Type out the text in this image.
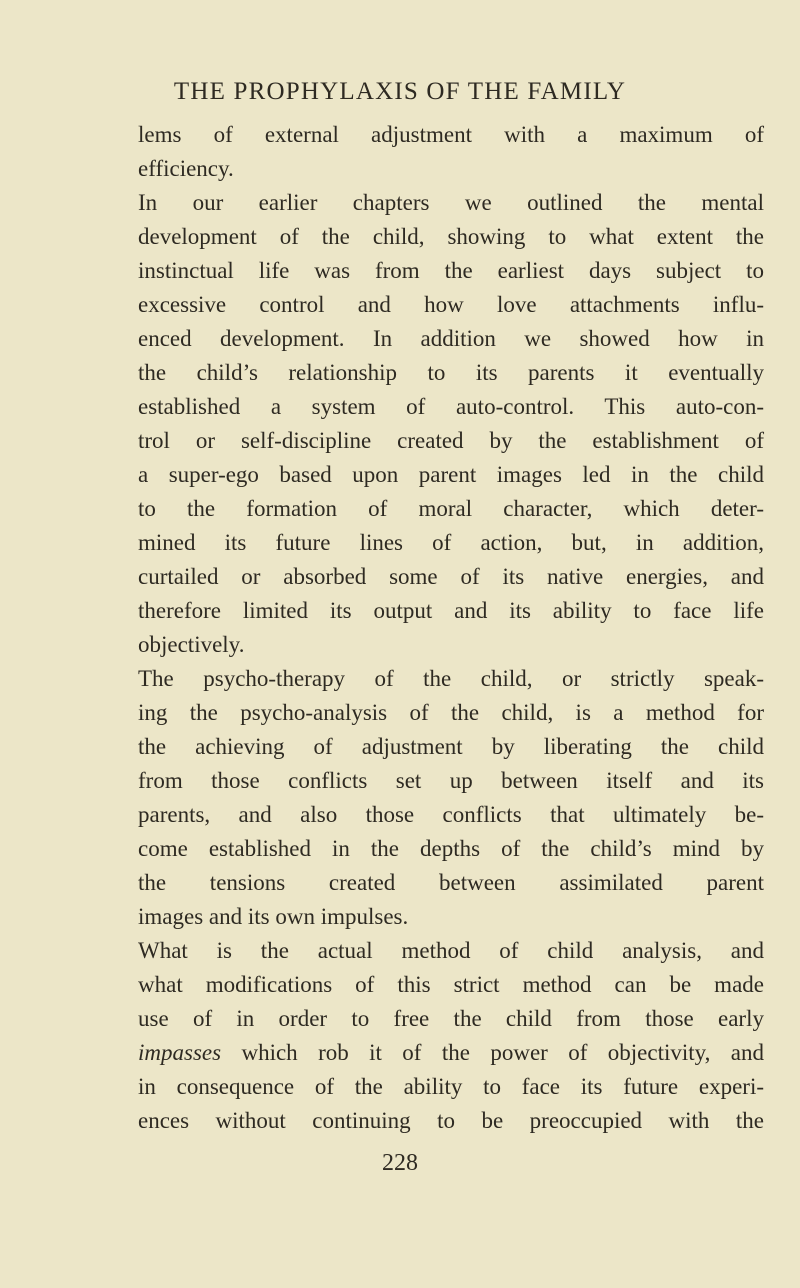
THE PROPHYLAXIS OF THE FAMILY
lems of external adjustment with a maximum of
efficiency.
In our earlier chapters we outlined the mental
development of the child, showing to what extent the
instinctual life was from the earliest days subject to
excessive control and how love attachments influ-
enced development. In addition we showed how in
the child’s relationship to its parents it eventually
established a system of auto-control. This auto-con-
trol or self-discipline created by the establishment of
a super-ego based upon parent images led in the child
to the formation of moral character, which deter-
mined its future lines of action, but, in addition,
curtailed or absorbed some of its native energies, and
therefore limited its output and its ability to face life
objectively.
The psycho-therapy of the child, or strictly speak-
ing the psycho-analysis of the child, is a method for
the achieving of adjustment by liberating the child
from those conflicts set up between itself and its
parents, and also those conflicts that ultimately be-
come established in the depths of the child’s mind by
the tensions created between assimilated parent
images and its own impulses.
What is the actual method of child analysis, and
what modifications of this strict method can be made
use of in order to free the child from those early
impasses which rob it of the power of objectivity, and
in consequence of the ability to face its future experi-
ences without continuing to be preoccupied with the
228
